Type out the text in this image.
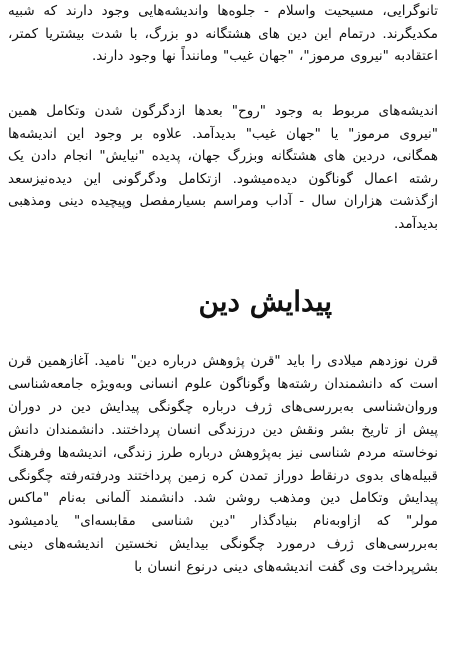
تانوگرایی، مسیحیت واسلام - جلوه‌ها واندیشه‌هایی وجود دارند که شبیه مکدیگرند. درتمام این دین های هشتگانه دو بزرگ، با شدت بیشتریا کمتر، اعتقادبه "نیروی مرموز"، "جهان غیب" وماننداً نها وجود دارند.

اندیشه‌های مربوط به وجود "روح" بعدها ازدگرگون شدن وتکامل همین "نیروی مرموز" یا "جهان غیب" بدیدآمد. علاوه بر وجود این اندیشه‌ها همگانی، دردین های هشتگانه وبزرگ جهان، پدیده "نیایش" انجام دادن یک رشته اعمال گوناگون دیده‌میشود. ازتکامل ودگرگونی این دیده‌نیزسعد ازگذشت هزاران سال - آداب ومراسم بسیارمفصل وپیچیده دینی ومذهبی بدیدآمد.

پیدایش دین

قرن نوزدهم میلادی را باید "قرن پژوهش درباره دین" نامید. آغازهمین قرن است که دانشمندان رشته‌ها وگوناگون علوم انسانی وبه‌ویژه جامعه‌شناسی وروان‌شناسی به‌بررسی‌های ژرف درباره چگونگی پیدایش دین در دوران پیش از تاریخ بشر ونقش دین درزندگی انسان پرداختند. دانشمندان دانش نوخاسته مردم شناسی نیز به‌پژوهش درباره طرز زندگی، اندیشه‌ها وفرهنگ قبیله‌های بدوی درنقاط دوراز تمدن کره زمین پرداختند ودرفته‌رفته چگونگی پیدایش وتکامل دین ومذهب روشن شد. دانشمند آلمانی به‌نام "ماکس مولر" که ازاوبه‌نام بنیادگذار "دین شناسی مقابسه‌ای" یادمیشود به‌بررسی‌های ژرف درمورد چگونگی بیدایش نخستین اندیشه‌های دینی بشرپرداخت وی گفت اندیشه‌های دینی درنوع انسان با
